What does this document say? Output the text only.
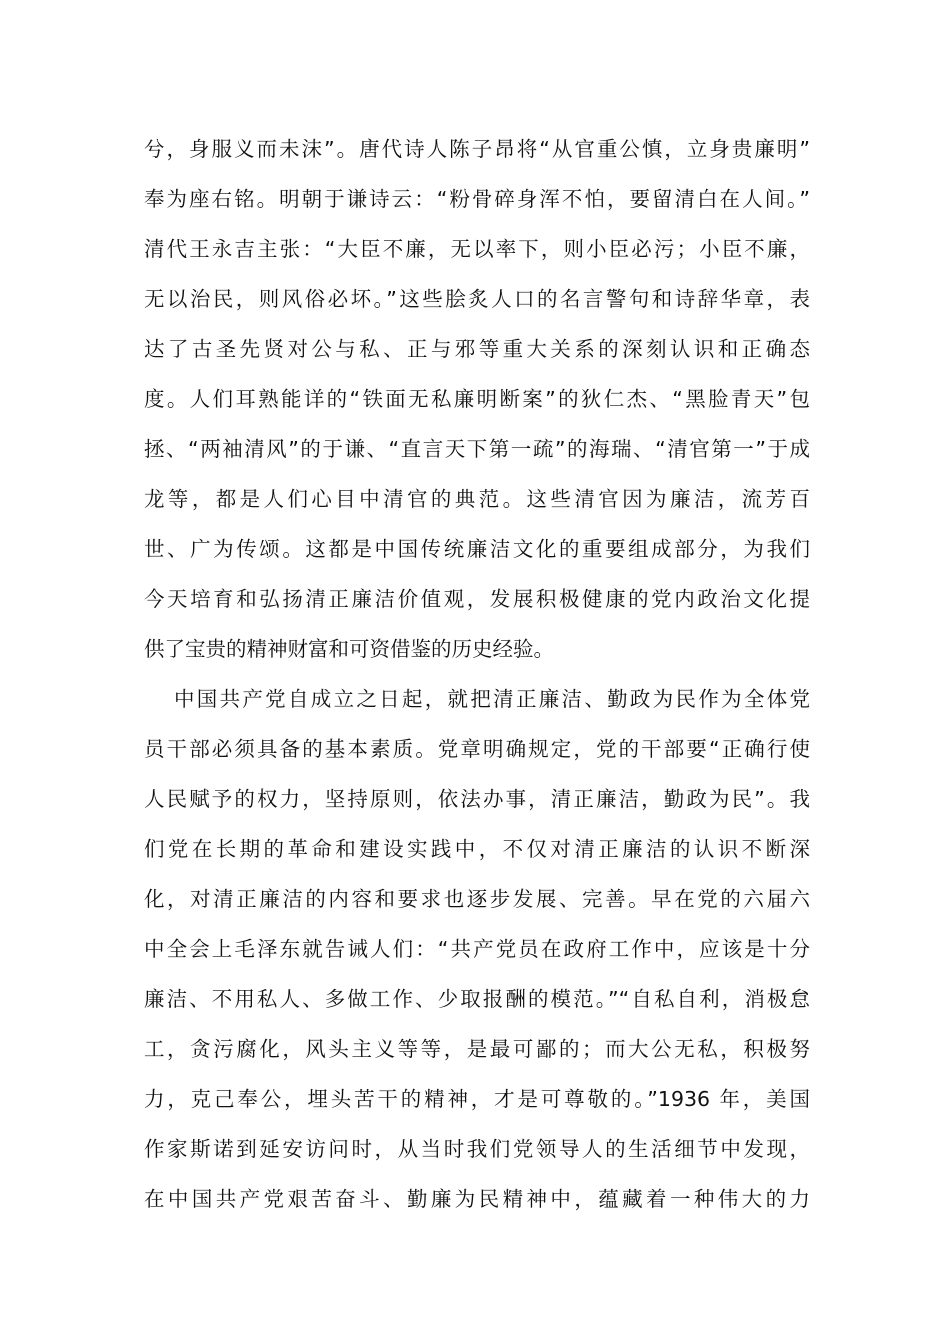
兮，身服义而未沫”。唐代诗人陈子昂将“从官重公慎，立身贵廉明”
奉为座右铭。明朝于谦诗云：“粉骨碎身浑不怕，要留清白在人间。”
清代王永吉主张：“大臣不廉，无以率下，则小臣必污；小臣不廉，
无以治民，则风俗必坏。”这些脍炙人口的名言警句和诗辞华章，表
达了古圣先贤对公与私、正与邪等重大关系的深刻认识和正确态
度。人们耳熟能详的“铁面无私廉明断案”的狄仁杰、“黑脸青天”包
拯、“两袖清风”的于谦、“直言天下第一疏”的海瑞、“清官第一”于成
龙等，都是人们心目中清官的典范。这些清官因为廉洁，流芳百
世、广为传颂。这都是中国传统廉洁文化的重要组成部分，为我们
今天培育和弘扬清正廉洁价值观，发展积极健康的党内政治文化提
供了宝贵的精神财富和可资借鉴的历史经验。
中国共产党自成立之日起，就把清正廉洁、勤政为民作为全体党
员干部必须具备的基本素质。党章明确规定，党的干部要“正确行使
人民赋予的权力，坚持原则，依法办事，清正廉洁，勤政为民”。我
们党在长期的革命和建设实践中，不仅对清正廉洁的认识不断深
化，对清正廉洁的内容和要求也逐步发展、完善。早在党的六届六
中全会上毛泽东就告诫人们：“共产党员在政府工作中，应该是十分
廉洁、不用私人、多做工作、少取报酬的模范。”“自私自利，消极怠
工，贪污腐化，风头主义等等，是最可鄙的；而大公无私，积极努
力，克己奉公，埋头苦干的精神，才是可尊敬的。”1936 年，美国
作家斯诺到延安访问时，从当时我们党领导人的生活细节中发现，
在中国共产党艰苦奋斗、勤廉为民精神中，蕴藏着一种伟大的力
